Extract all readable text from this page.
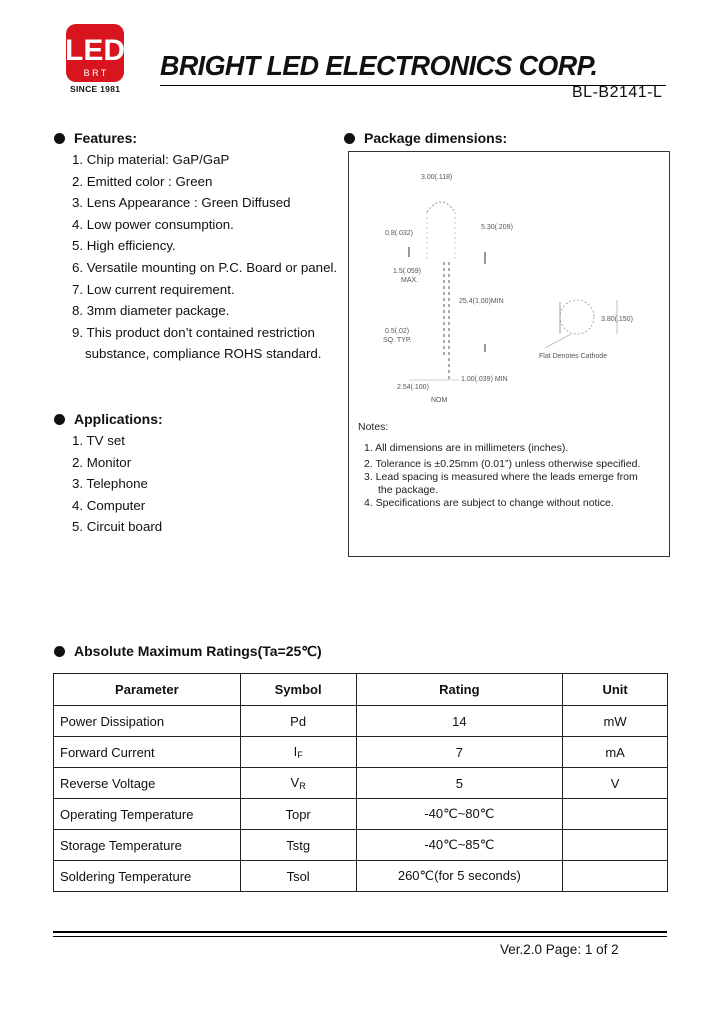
LED
B R T
SINCE 1981
BRIGHT LED ELECTRONICS CORP.
BL-B2141-L
Features:
1. Chip material: GaP/GaP
2. Emitted color : Green
3. Lens Appearance : Green Diffused
4. Low power consumption.
5. High efficiency.
6. Versatile mounting on P.C. Board or panel.
7. Low current requirement.
8. 3mm diameter package.
9. This product don’t contained restriction
substance, compliance ROHS standard.
Applications:
1. TV set
2. Monitor
3. Telephone
4. Computer
5. Circuit board
Package dimensions:
3.00(.118)
5.30(.209)
0.8(.032)
1.5(.059)
MAX.
25.4(1.00)MIN
0.5(.02)
SQ. TYP.
1.00(.039) MIN
2.54(.100)
NOM
3.80(.150)
Flat Denotes Cathode
Notes:
1. All dimensions are in millimeters (inches).
2. Tolerance is ±0.25mm (0.01”) unless otherwise specified.
3. Lead spacing is measured where the leads emerge from
the package.
4. Specifications are subject to change without notice.
Absolute Maximum Ratings(Ta=25℃)
Parameter	Symbol	Rating	Unit
Power Dissipation	Pd	14	mW
Forward Current	$I_F$	7	mA
Reverse Voltage	$V_R$	5	V
Operating Temperature	Topr	-40℃~80℃	
Storage Temperature	Tstg	-40℃~85℃	
Soldering Temperature	Tsol	260℃(for 5 seconds)	
Ver.2.0 Page: 1 of 2
